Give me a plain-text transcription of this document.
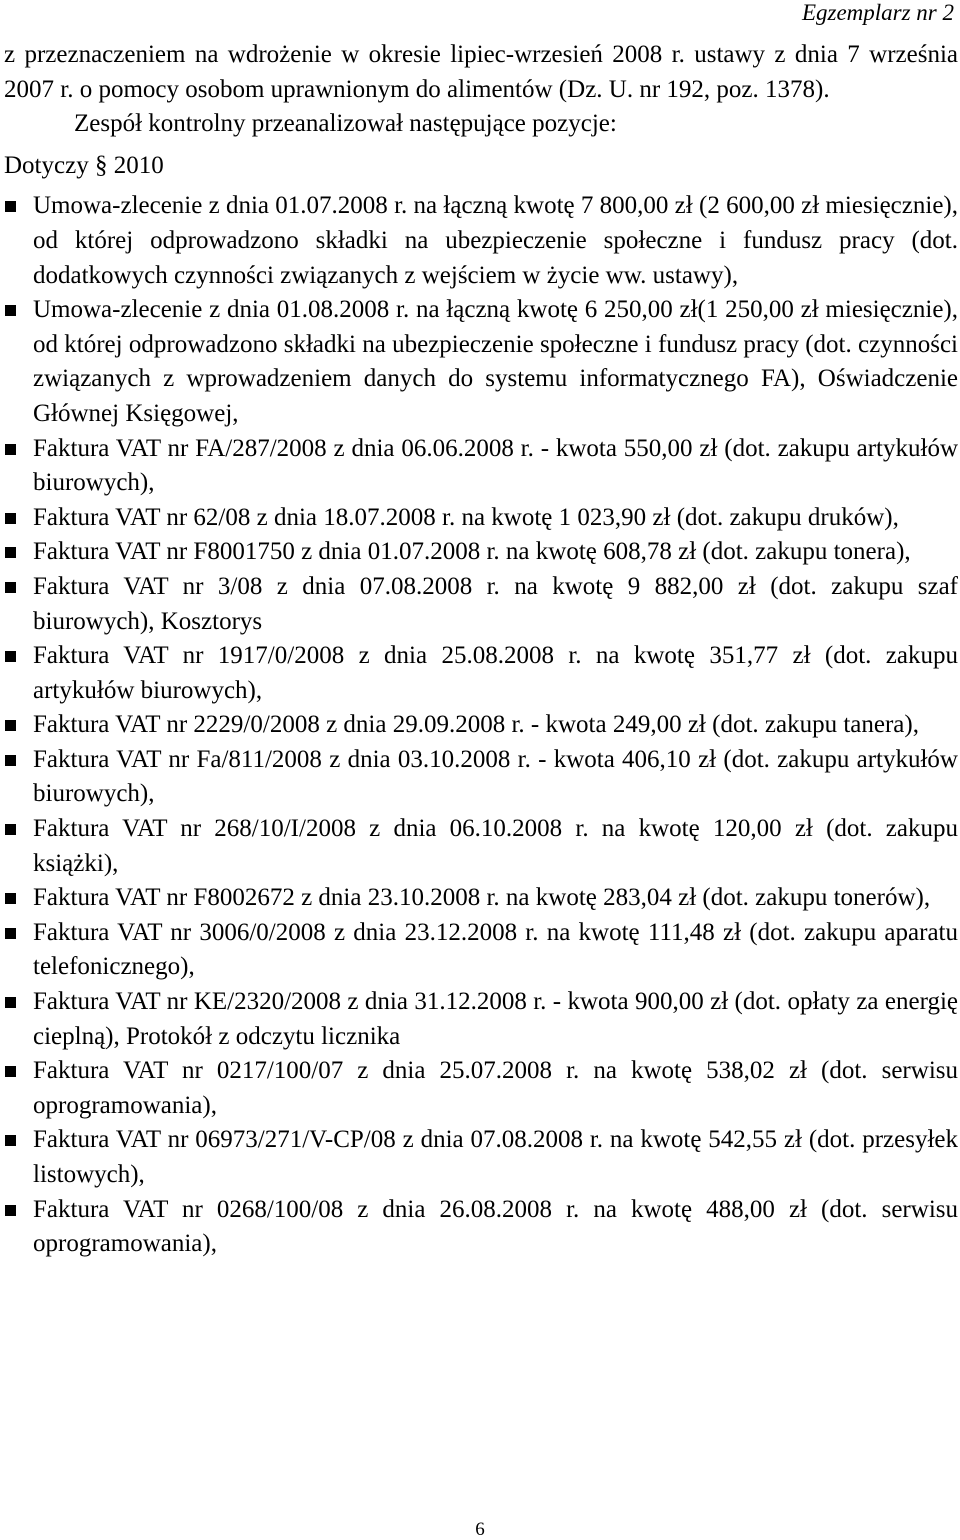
Egzemplarz nr 2

z przeznaczeniem na wdrożenie w okresie lipiec-wrzesień 2008 r. ustawy z dnia 7 września 2007 r. o pomocy osobom uprawnionym do alimentów (Dz. U. nr 192, poz. 1378).

Zespół kontrolny przeanalizował następujące pozycje:

Dotyczy § 2010

Umowa-zlecenie z dnia 01.07.2008 r. na łączną kwotę 7 800,00 zł (2 600,00 zł miesięcznie), od której odprowadzono składki na ubezpieczenie społeczne i fundusz pracy (dot. dodatkowych czynności związanych z wejściem w życie ww. ustawy),

Umowa-zlecenie z dnia 01.08.2008 r. na łączną kwotę 6 250,00 zł(1 250,00 zł miesięcznie), od której odprowadzono składki na ubezpieczenie społeczne i fundusz pracy (dot. czynności związanych z wprowadzeniem danych do systemu informatycznego FA), Oświadczenie Głównej Księgowej,

Faktura VAT nr FA/287/2008 z dnia 06.06.2008 r. - kwota 550,00 zł (dot. zakupu artykułów biurowych),

Faktura VAT nr 62/08 z dnia 18.07.2008 r. na kwotę 1 023,90 zł (dot. zakupu druków),

Faktura VAT nr F8001750 z dnia 01.07.2008 r. na kwotę 608,78 zł (dot. zakupu tonera),

Faktura VAT nr 3/08 z dnia 07.08.2008 r. na kwotę 9 882,00 zł (dot. zakupu szaf biurowych), Kosztorys

Faktura VAT nr 1917/0/2008 z dnia 25.08.2008 r. na kwotę 351,77 zł (dot. zakupu artykułów biurowych),

Faktura VAT nr 2229/0/2008 z dnia 29.09.2008 r. - kwota 249,00 zł (dot. zakupu tanera),

Faktura VAT nr Fa/811/2008 z dnia 03.10.2008 r. - kwota 406,10 zł (dot. zakupu artykułów biurowych),

Faktura VAT nr 268/10/I/2008 z dnia 06.10.2008 r. na kwotę 120,00 zł (dot. zakupu książki),

Faktura VAT nr F8002672 z dnia 23.10.2008 r. na kwotę 283,04 zł (dot. zakupu tonerów),

Faktura VAT nr 3006/0/2008 z dnia 23.12.2008 r. na kwotę 111,48 zł (dot. zakupu aparatu telefonicznego),

Faktura VAT nr KE/2320/2008 z dnia 31.12.2008 r. - kwota 900,00 zł (dot. opłaty za energię cieplną), Protokół z odczytu licznika

Faktura VAT nr 0217/100/07 z dnia 25.07.2008 r. na kwotę 538,02 zł (dot. serwisu oprogramowania),

Faktura VAT nr 06973/271/V-CP/08 z dnia 07.08.2008 r. na kwotę 542,55 zł (dot. przesyłek listowych),

Faktura VAT nr 0268/100/08 z dnia 26.08.2008 r. na kwotę 488,00 zł (dot. serwisu oprogramowania),

6
